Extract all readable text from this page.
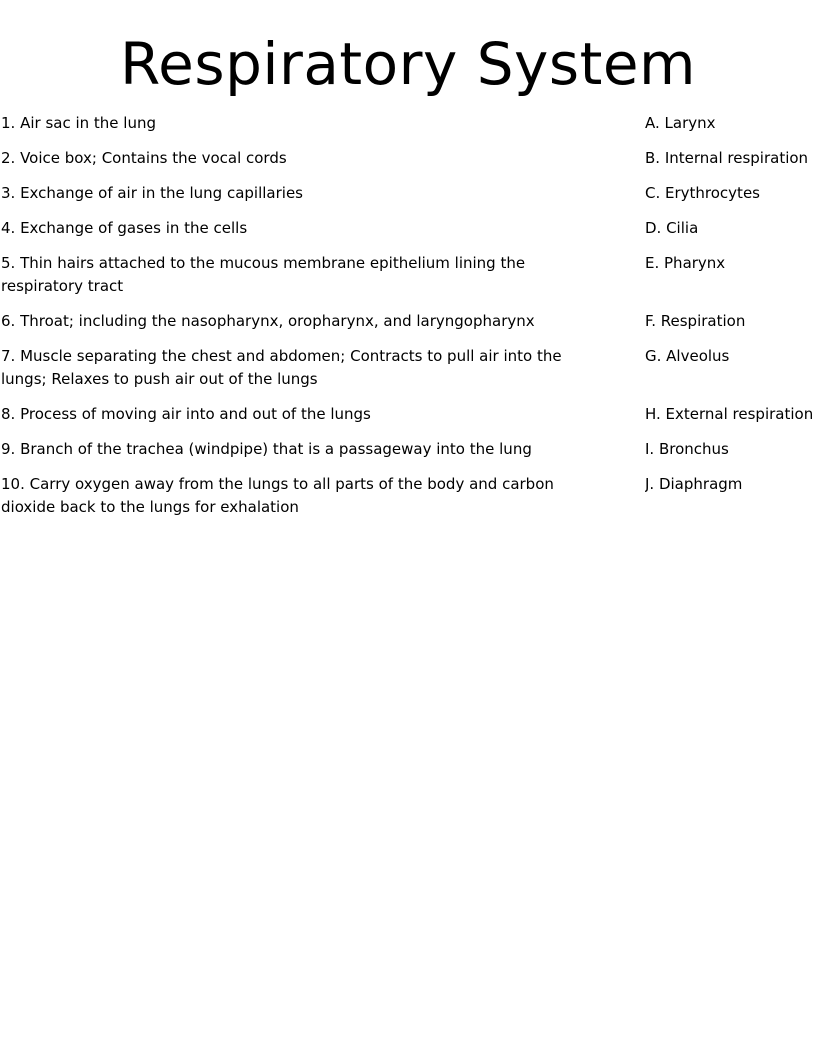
Respiratory System
1. Air sac in the lung	A. Larynx
2. Voice box; Contains the vocal cords	B. Internal respiration
3. Exchange of air in the lung capillaries	C. Erythrocytes
4. Exchange of gases in the cells	D. Cilia
5. Thin hairs attached to the mucous membrane epithelium lining the respiratory tract
E. Pharynx
6. Throat; including the nasopharynx, oropharynx, and laryngopharynx	F. Respiration
7. Muscle separating the chest and abdomen; Contracts to pull air into the lungs; Relaxes to push air out of the lungs
G. Alveolus
8. Process of moving air into and out of the lungs	H. External respiration
9. Branch of the trachea (windpipe) that is a passageway into the lung	I. Bronchus
10. Carry oxygen away from the lungs to all parts of the body and carbon dioxide back to the lungs for exhalation
J. Diaphragm
